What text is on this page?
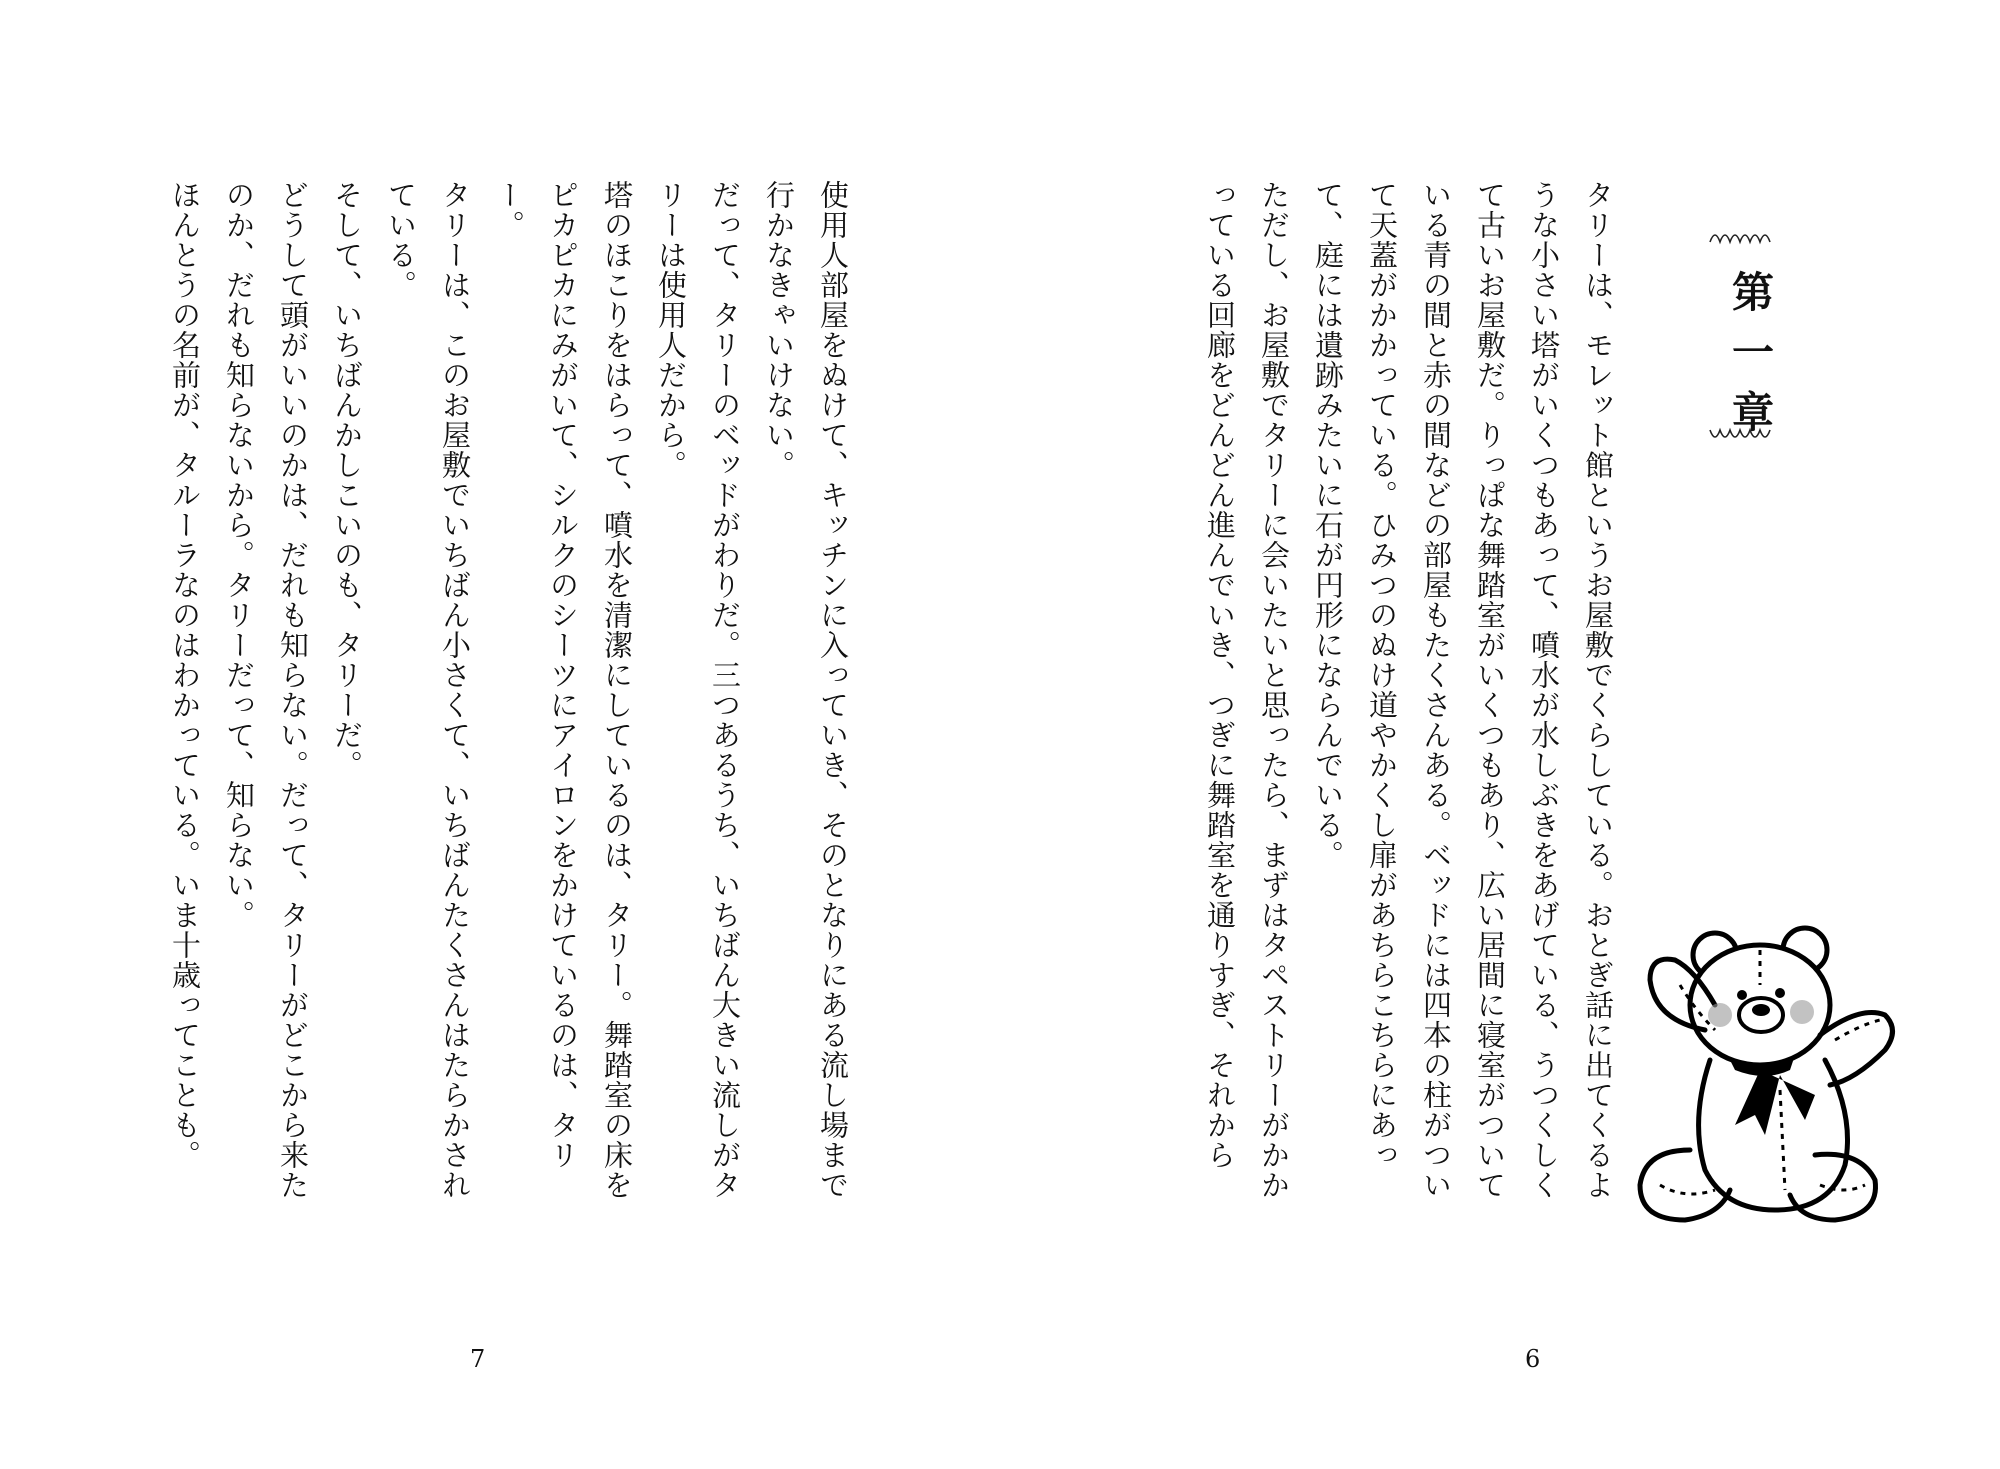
使用人部屋をぬけて、キッチンに入っていき、そのとなりにある流し場まで行かなきゃいけない。

だって、タリーのベッドがわりだ。三つあるうち、いちばん大きい流しがタリーは使用人だから。

塔のほこりをはらって、噴水を清潔にしているのは、タリー。舞踏室の床をピカピカにみがいて、シルクのシーツにアイロンをかけているのは、タリー。

タリーは、このお屋敷でいちばん小さくて、いちばんたくさんはたらかされている。

そして、いちばんかしこいのも、タリーだ。

どうして頭がいいのかは、だれも知らない。だって、タリーがどこから来たのか、だれも知らないから。タリーだって、知らない。

ほんとうの名前が、タルーラなのはわかっている。いま十歳ってことも。

7

タリーは、モレット館というお屋敷でくらしている。おとぎ話に出てくるような小さい塔がいくつもあって、噴水が水しぶきをあげている、うつくしくて古いお屋敷だ。りっぱな舞踏室がいくつもあり、広い居間に寝室がついている青の間と赤の間などの部屋もたくさんある。ベッドには四本の柱がついて天蓋がかかっている。ひみつのぬけ道やかくし扉があちらこちらにあって、庭には遺跡みたいに石が円形にならんでいる。

ただし、お屋敷でタリーに会いたいと思ったら、まずはタペストリーがかかっている回廊をどんどん進んでいき、つぎに舞踏室を通りすぎ、それから	第一章
6
